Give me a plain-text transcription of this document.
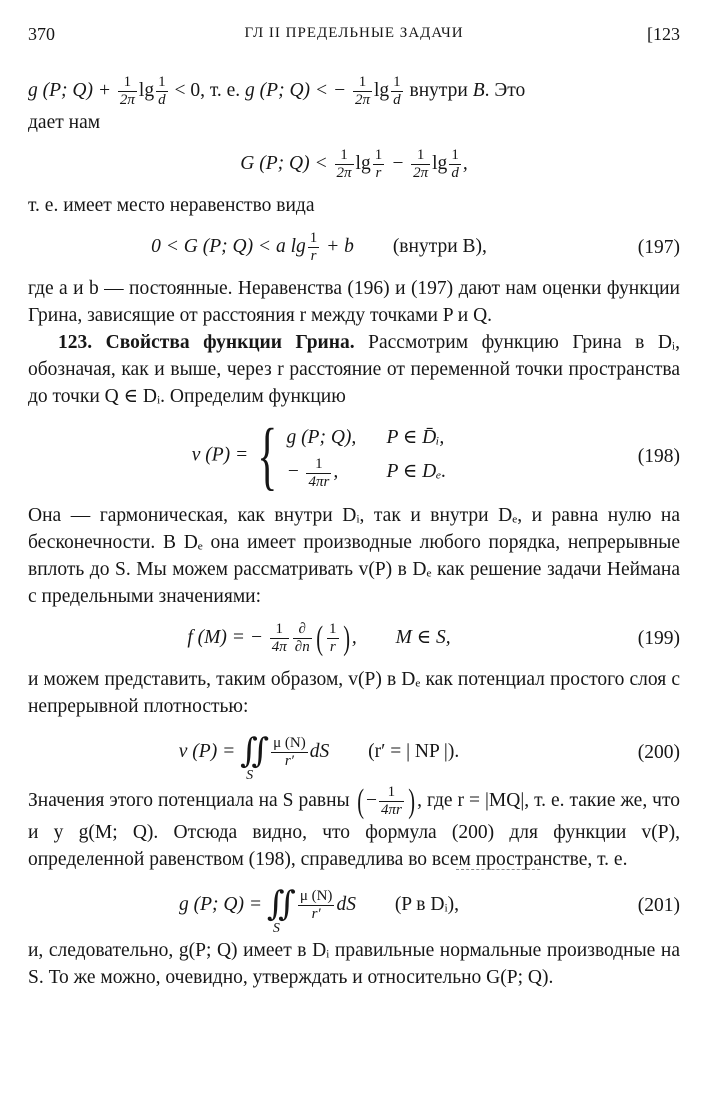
370	ГЛ II ПРЕДЕЛЬНЫЕ ЗАДАЧИ	[123

g (P; $Q) + \frac{1}{2\pi}$ $\lg \frac{1}{d} < 0$, т. е. g (P; Q) < − $\frac{1}{2\pi}$ $\lg \frac{1}{d}$ внутри B. Это

дает нам

G (P; $Q) < \frac{1}{2\pi}$ $\lg \frac{1}{r} - \frac{1}{2\pi}$ $\lg \frac{1}{d}$ ,

т. е. имеет место неравенство вида

0 < G (P; Q) < a $\lg \frac{1}{r} + b$ (внутри B),	(197)

где a и b — постоянные. Неравенства (196) и (197) дают нам оценки функции Грина, зависящие от расстояния r между точками P и Q.

123. Свойства функции Грина. Рассмотрим функцию Грина в Dᵢ, обозначая, как и выше, через r расстояние от переменной точки пространства до точки Q ∈ Dᵢ. Определим функцию

v (P) = { g (P; Q), P ∈ D̄ᵢ,
− $\frac{1}{4\pi r}$ , P ∈ Dₑ.
(198)

Она — гармоническая, как внутри Dᵢ, так и внутри Dₑ, и равна нулю на бесконечности. В Dₑ она имеет производные любого порядка, непрерывные вплоть до S. Мы можем рассматривать v(P) в Dₑ как решение задачи Неймана с предельными значениями:

f (M) = − $\frac{1}{4\pi} \frac{\partial}{\partial n}$ ( $\frac{1}{r}$ ) , M ∈ S,	(199)

и можем представить, таким образом, v(P) в Dₑ как потенциал простого слоя с непрерывной плотностью:

v (P) = ∬
S
$\frac{\mu (N)}{r'}$ dS (r′ = | NP |).	(200)

Значения этого потенциала на S равны ( − $\frac{1}{4\pi r}$ ) , где r = |MQ|, т. е. такие же, что и у g(M; Q). Отсюда видно, что формула (200) для функции v(P), определенной равенством (198), справедлива во всем пространстве, т. е.

g (P; Q) = ∬
S
$\frac{\mu (N)}{r'}$ dS (P в Dᵢ),	(201)

и, следовательно, g(P; Q) имеет в Dᵢ правильные нормальные производные на S. То же можно, очевидно, утверждать и относительно G(P; Q).
